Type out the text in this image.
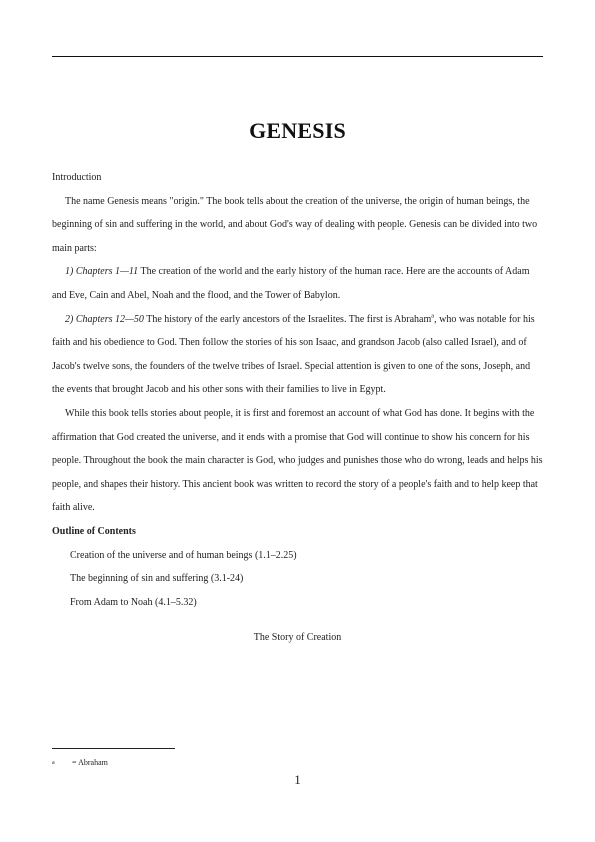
GENESIS

Introduction

The name Genesis means "origin." The book tells about the creation of the universe, the origin of human beings, the beginning of sin and suffering in the world, and about God's way of dealing with people. Genesis can be divided into two main parts:

1) Chapters 1—11 The creation of the world and the early history of the human race. Here are the accounts of Adam and Eve, Cain and Abel, Noah and the flood, and the Tower of Babylon.

2) Chapters 12—50 The history of the early ancestors of the Israelites. The first is Abraham$^a$, who was notable for his faith and his obedience to God. Then follow the stories of his son Isaac, and grandson Jacob (also called Israel), and of Jacob's twelve sons, the founders of the twelve tribes of Israel. Special attention is given to one of the sons, Joseph, and the events that brought Jacob and his other sons with their families to live in Egypt.

While this book tells stories about people, it is first and foremost an account of what God has done. It begins with the affirmation that God created the universe, and it ends with a promise that God will continue to show his concern for his people. Throughout the book the main character is God, who judges and punishes those who do wrong, leads and helps his people, and shapes their history. This ancient book was written to record the story of a people's faith and to help keep that faith alive.

Outline of Contents

Creation of the universe and of human beings (1.1–2.25)

The beginning of sin and suffering (3.1-24)

From Adam to Noah (4.1–5.32)

The Story of Creation

a = Abraham
1
